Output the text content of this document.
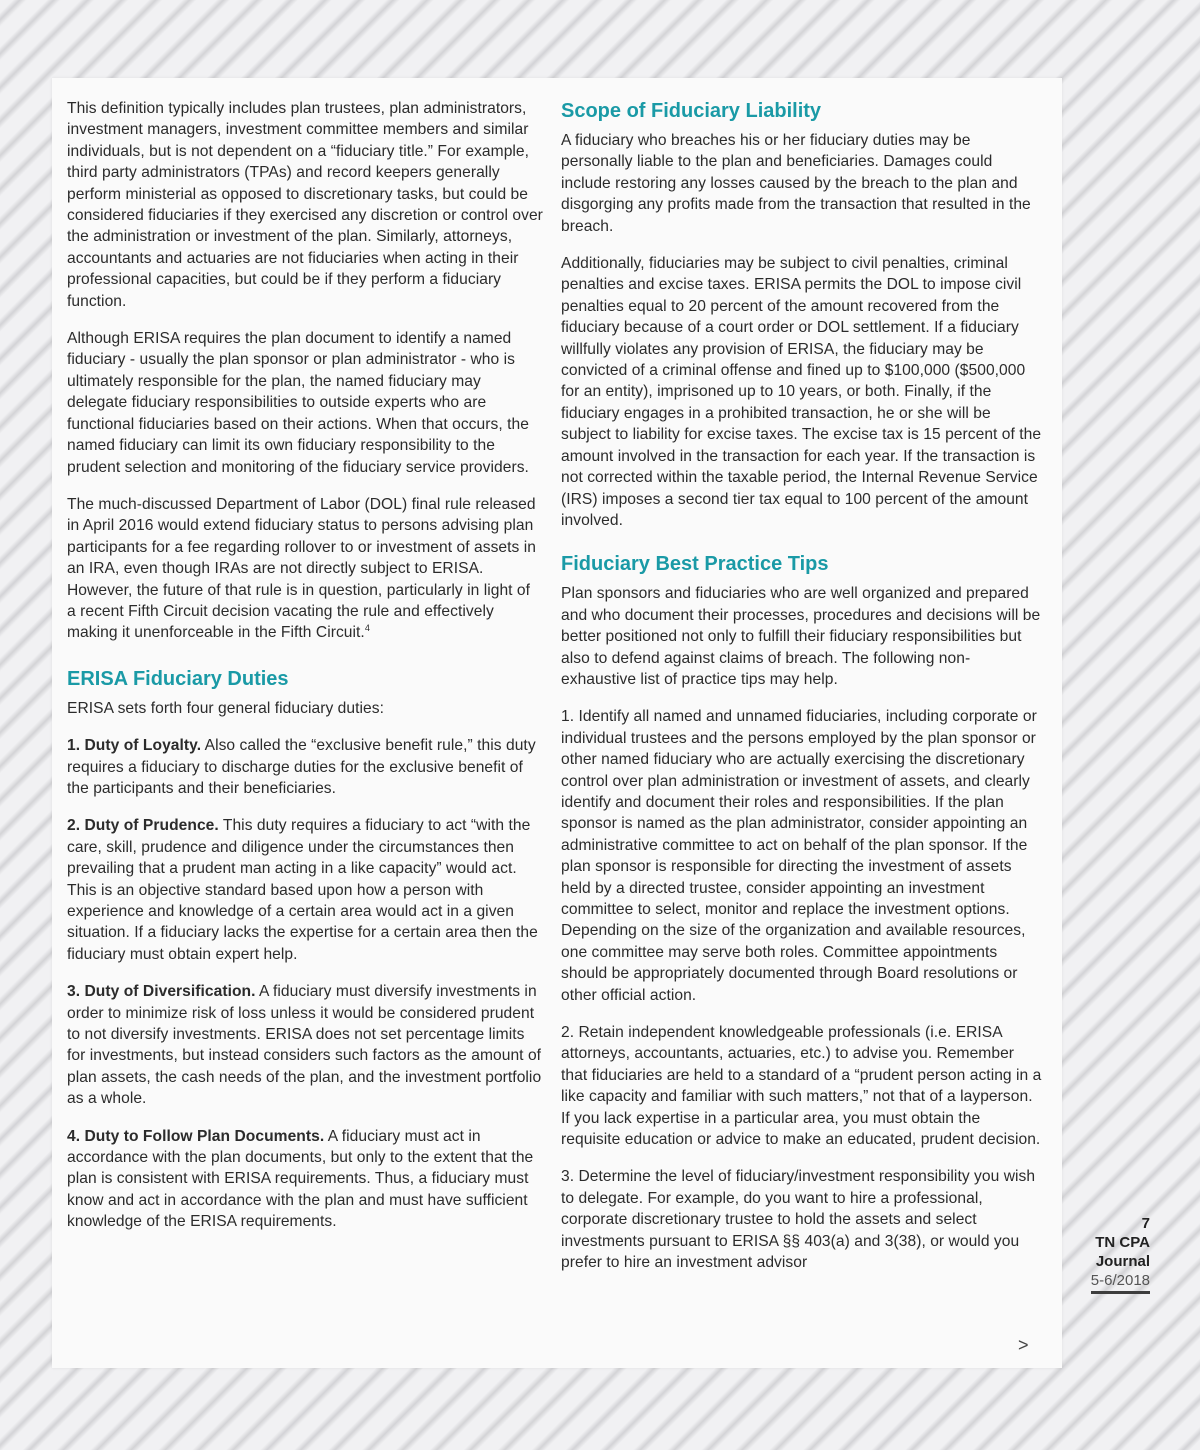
This definition typically includes plan trustees, plan administrators, investment managers, investment committee members and similar individuals, but is not dependent on a “fiduciary title.” For example, third party administrators (TPAs) and record keepers generally perform ministerial as opposed to discretionary tasks, but could be considered fiduciaries if they exercised any discretion or control over the administration or investment of the plan. Similarly, attorneys, accountants and actuaries are not fiduciaries when acting in their professional capacities, but could be if they perform a fiduciary function.

Although ERISA requires the plan document to identify a named fiduciary - usually the plan sponsor or plan administrator - who is ultimately responsible for the plan, the named fiduciary may delegate fiduciary responsibilities to outside experts who are functional fiduciaries based on their actions. When that occurs, the named fiduciary can limit its own fiduciary responsibility to the prudent selection and monitoring of the fiduciary service providers.

The much-discussed Department of Labor (DOL) final rule released in April 2016 would extend fiduciary status to persons advising plan participants for a fee regarding rollover to or investment of assets in an IRA, even though IRAs are not directly subject to ERISA. However, the future of that rule is in question, particularly in light of a recent Fifth Circuit decision vacating the rule and effectively making it unenforceable in the Fifth Circuit.$^4$

ERISA Fiduciary Duties

ERISA sets forth four general fiduciary duties:

1. Duty of Loyalty. Also called the “exclusive benefit rule,” this duty requires a fiduciary to discharge duties for the exclusive benefit of the participants and their beneficiaries.

2. Duty of Prudence. This duty requires a fiduciary to act “with the care, skill, prudence and diligence under the circumstances then prevailing that a prudent man acting in a like capacity” would act. This is an objective standard based upon how a person with experience and knowledge of a certain area would act in a given situation. If a fiduciary lacks the expertise for a certain area then the fiduciary must obtain expert help.

3. Duty of Diversification. A fiduciary must diversify investments in order to minimize risk of loss unless it would be considered prudent to not diversify investments. ERISA does not set percentage limits for investments, but instead considers such factors as the amount of plan assets, the cash needs of the plan, and the investment portfolio as a whole.

4. Duty to Follow Plan Documents. A fiduciary must act in accordance with the plan documents, but only to the extent that the plan is consistent with ERISA requirements. Thus, a fiduciary must know and act in accordance with the plan and must have sufficient knowledge of the ERISA requirements.

Scope of Fiduciary Liability

A fiduciary who breaches his or her fiduciary duties may be personally liable to the plan and beneficiaries. Damages could include restoring any losses caused by the breach to the plan and disgorging any profits made from the transaction that resulted in the breach.

Additionally, fiduciaries may be subject to civil penalties, criminal penalties and excise taxes. ERISA permits the DOL to impose civil penalties equal to 20 percent of the amount recovered from the fiduciary because of a court order or DOL settlement. If a fiduciary willfully violates any provision of ERISA, the fiduciary may be convicted of a criminal offense and fined up to $100,000 ($500,000 for an entity), imprisoned up to 10 years, or both. Finally, if the fiduciary engages in a prohibited transaction, he or she will be subject to liability for excise taxes. The excise tax is 15 percent of the amount involved in the transaction for each year. If the transaction is not corrected within the taxable period, the Internal Revenue Service (IRS) imposes a second tier tax equal to 100 percent of the amount involved.

Fiduciary Best Practice Tips

Plan sponsors and fiduciaries who are well organized and prepared and who document their processes, procedures and decisions will be better positioned not only to fulfill their fiduciary responsibilities but also to defend against claims of breach. The following non-exhaustive list of practice tips may help.

1. Identify all named and unnamed fiduciaries, including corporate or individual trustees and the persons employed by the plan sponsor or other named fiduciary who are actually exercising the discretionary control over plan administration or investment of assets, and clearly identify and document their roles and responsibilities. If the plan sponsor is named as the plan administrator, consider appointing an administrative committee to act on behalf of the plan sponsor. If the plan sponsor is responsible for directing the investment of assets held by a directed trustee, consider appointing an investment committee to select, monitor and replace the investment options. Depending on the size of the organization and available resources, one committee may serve both roles. Committee appointments should be appropriately documented through Board resolutions or other official action.

2. Retain independent knowledgeable professionals (i.e. ERISA attorneys, accountants, actuaries, etc.) to advise you. Remember that fiduciaries are held to a standard of a “prudent person acting in a like capacity and familiar with such matters,” not that of a layperson. If you lack expertise in a particular area, you must obtain the requisite education or advice to make an educated, prudent decision.

3. Determine the level of fiduciary/investment responsibility you wish to delegate. For example, do you want to hire a professional, corporate discretionary trustee to hold the assets and select investments pursuant to ERISA §§ 403(a) and 3(38), or would you prefer to hire an investment advisor

>
7
TN CPA
Journal
5-6/2018
